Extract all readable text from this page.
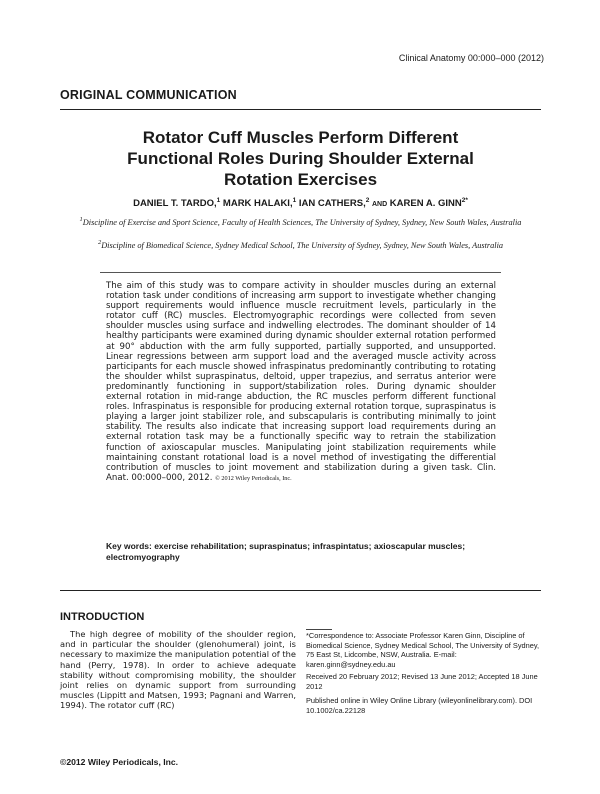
Clinical Anatomy 00:000–000 (2012)
ORIGINAL COMMUNICATION
Rotator Cuff Muscles Perform Different
Functional Roles During Shoulder External
Rotation Exercises
DANIEL T. TARDO,$^1$ MARK HALAKI,$^1$ IAN CATHERS,$^2$ AND KAREN A. $GINN^{2*}$
$^1$Discipline of Exercise and Sport Science, Faculty of Health Sciences, The University of Sydney, Sydney, New South Wales, Australia
$^2$Discipline of Biomedical Science, Sydney Medical School, The University of Sydney, Sydney, New South Wales, Australia
The aim of this study was to compare activity in shoulder muscles during an external rotation task under conditions of increasing arm support to investigate whether changing support requirements would influence muscle recruitment levels, particularly in the rotator cuff (RC) muscles. Electromyographic recordings were collected from seven shoulder muscles using surface and indwelling electrodes. The dominant shoulder of 14 healthy participants were examined during dynamic shoulder external rotation performed at 90° abduction with the arm fully supported, partially supported, and unsupported. Linear regressions between arm support load and the averaged muscle activity across participants for each muscle showed infraspinatus predominantly contributing to rotating the shoulder whilst supraspinatus, deltoid, upper trapezius, and serratus anterior were predominantly functioning in support/stabilization roles. During dynamic shoulder external rotation in mid-range abduction, the RC muscles perform different functional roles. Infraspinatus is responsible for producing external rotation torque, supraspinatus is playing a larger joint stabilizer role, and subscapularis is contributing minimally to joint stability. The results also indicate that increasing support load requirements during an external rotation task may be a functionally specific way to retrain the stabilization function of axioscapular muscles. Manipulating joint stabilization requirements while maintaining constant rotational load is a novel method of investigating the differential contribution of muscles to joint movement and stabilization during a given task. Clin. Anat. 00:000–000, 2012. © 2012 Wiley Periodicals, Inc.
Key words: exercise rehabilitation; supraspinatus; infraspintatus; axioscapular muscles; electromyography
INTRODUCTION
The high degree of mobility of the shoulder region, and in particular the shoulder (glenohumeral) joint, is necessary to maximize the manipulation potential of the hand (Perry, 1978). In order to achieve adequate stability without compromising mobility, the shoulder joint relies on dynamic support from surrounding muscles (Lippitt and Matsen, 1993; Pagnani and Warren, 1994). The rotator cuff (RC)
*Correspondence to: Associate Professor Karen Ginn, Discipline of Biomedical Science, Sydney Medical School, The University of Sydney, 75 East St, Lidcombe, NSW, Australia. E-mail: karen.ginn@sydney.edu.au
Received 20 February 2012; Revised 13 June 2012; Accepted 18 June 2012
Published online in Wiley Online Library (wileyonlinelibrary.com). DOI 10.1002/ca.22128
©2012 Wiley Periodicals, Inc.
